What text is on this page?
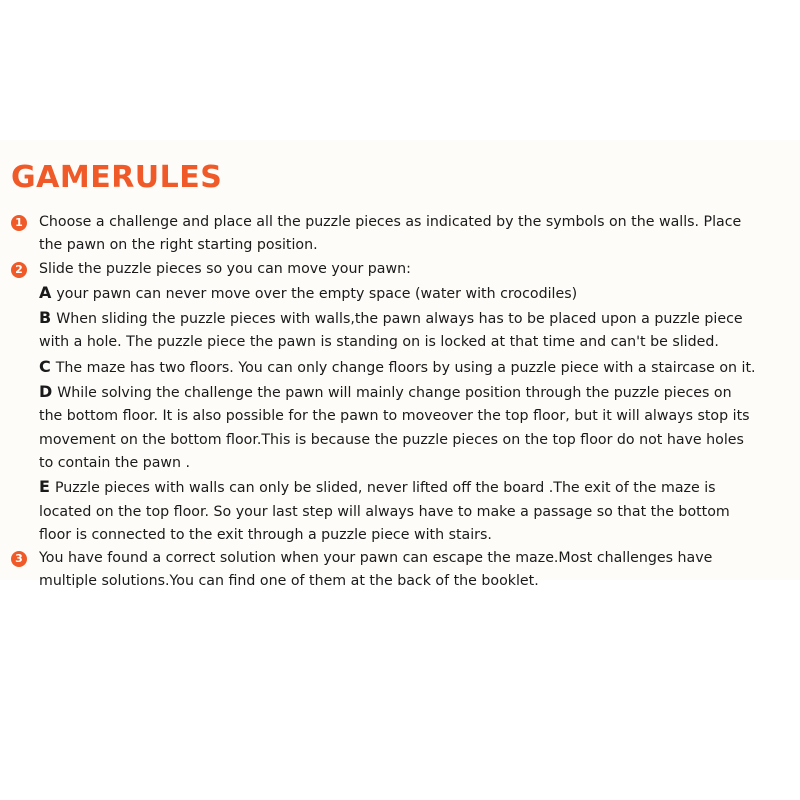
GAMERULES
1 Choose a challenge and place all the puzzle pieces as indicated by the symbols on the walls. Place
the pawn on the right starting position.
2 Slide the puzzle pieces so you can move your pawn:
A your pawn can never move over the empty space (water with crocodiles)
B When sliding the puzzle pieces with walls,the pawn always has to be placed upon a puzzle piece
with a hole. The puzzle piece the pawn is standing on is locked at that time and can't be slided.
C The maze has two floors. You can only change floors by using a puzzle piece with a staircase on it.
D While solving the challenge the pawn will mainly change position through the puzzle pieces on
the bottom floor. It is also possible for the pawn to moveover the top floor, but it will always stop its
movement on the bottom floor.This is because the puzzle pieces on the top floor do not have holes
to contain the pawn .
E Puzzle pieces with walls can only be slided, never lifted off the board .The exit of the maze is
located on the top floor. So your last step will always have to make a passage so that the bottom
floor is connected to the exit through a puzzle piece with stairs.
3 You have found a correct solution when your pawn can escape the maze.Most challenges have
multiple solutions.You can find one of them at the back of the booklet.
